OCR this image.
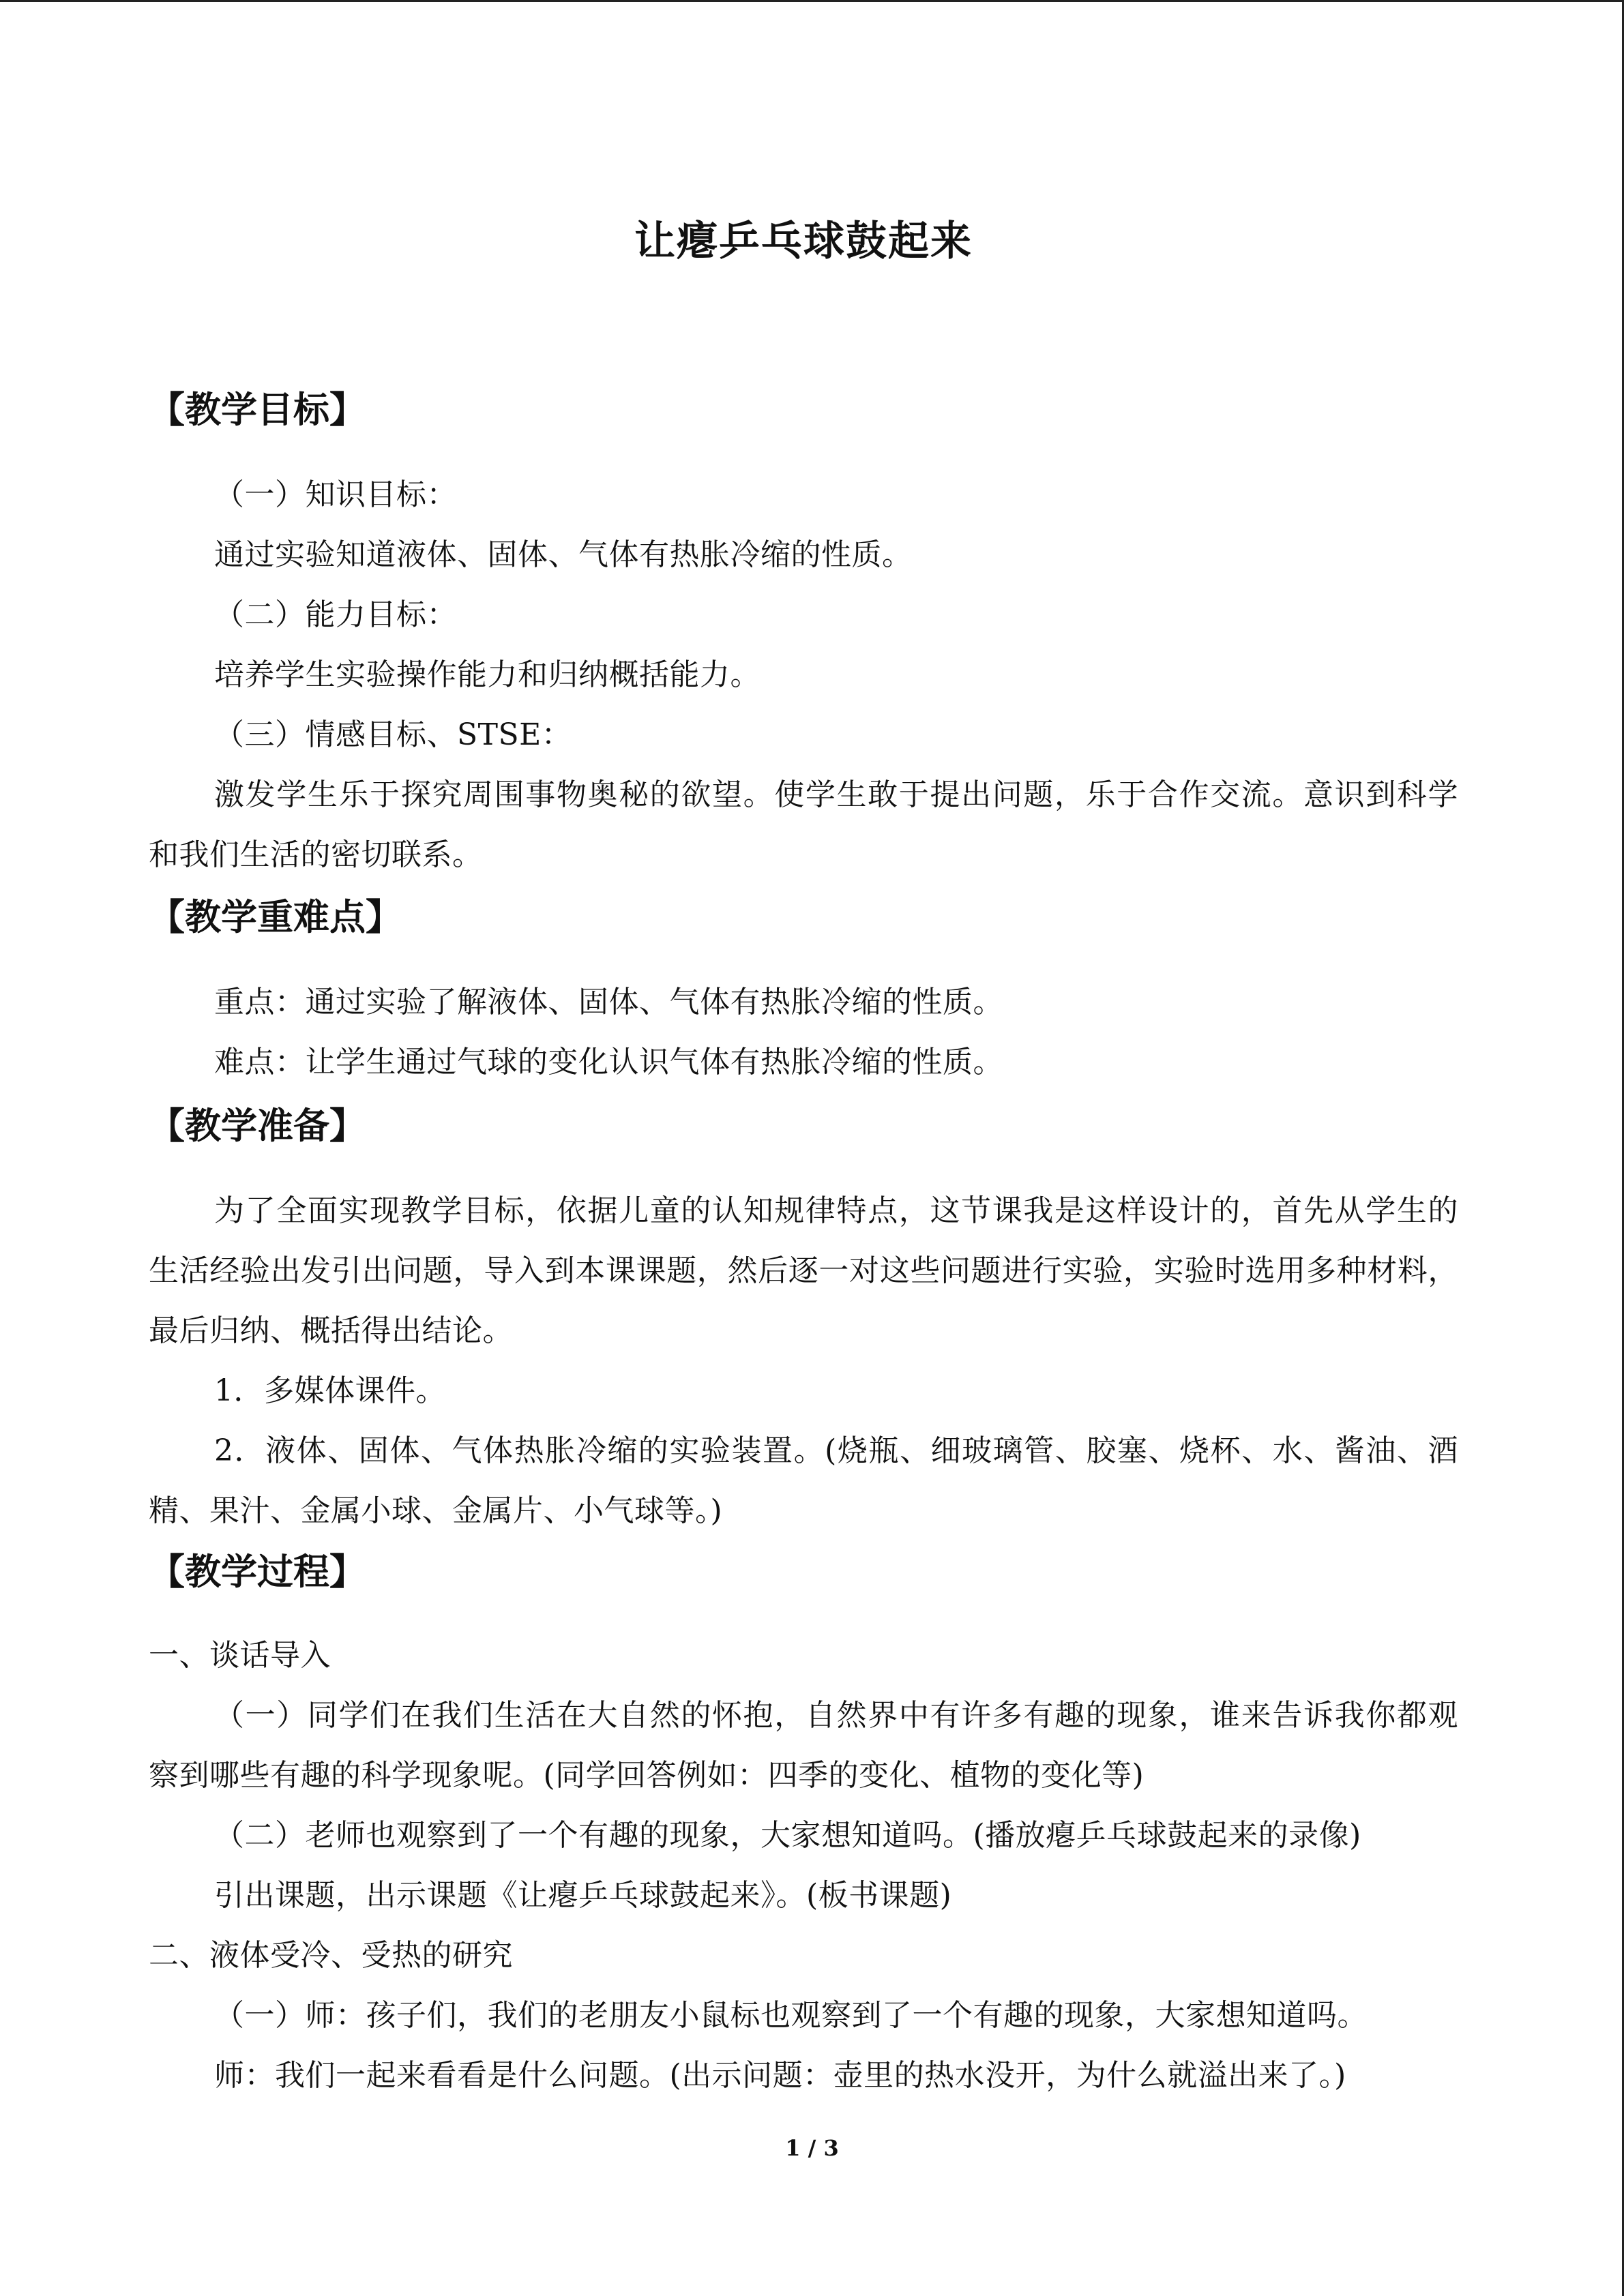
让瘪乒乓球鼓起来
【教学目标】
（一）知识目标：
通过实验知道液体、固体、气体有热胀冷缩的性质。
（二）能力目标：
培养学生实验操作能力和归纳概括能力。
（三）情感目标、STSE：
激发学生乐于探究周围事物奥秘的欲望。使学生敢于提出问题，乐于合作交流。意识到科学和我们生活的密切联系。
【教学重难点】
重点：通过实验了解液体、固体、气体有热胀冷缩的性质。
难点：让学生通过气球的变化认识气体有热胀冷缩的性质。
【教学准备】
为了全面实现教学目标，依据儿童的认知规律特点，这节课我是这样设计的，首先从学生的生活经验出发引出问题，导入到本课课题，然后逐一对这些问题进行实验，实验时选用多种材料，最后归纳、概括得出结论。
1．多媒体课件。
2．液体、固体、气体热胀冷缩的实验装置。(烧瓶、细玻璃管、胶塞、烧杯、水、酱油、酒精、果汁、金属小球、金属片、小气球等。)
【教学过程】
一、谈话导入
（一）同学们在我们生活在大自然的怀抱，自然界中有许多有趣的现象，谁来告诉我你都观察到哪些有趣的科学现象呢。(同学回答例如：四季的变化、植物的变化等)
（二）老师也观察到了一个有趣的现象，大家想知道吗。(播放瘪乒乓球鼓起来的录像)
引出课题，出示课题《让瘪乒乓球鼓起来》。(板书课题)
二、液体受冷、受热的研究
（一）师：孩子们，我们的老朋友小鼠标也观察到了一个有趣的现象，大家想知道吗。
师：我们一起来看看是什么问题。(出示问题：壶里的热水没开，为什么就溢出来了。)
1 / 3
